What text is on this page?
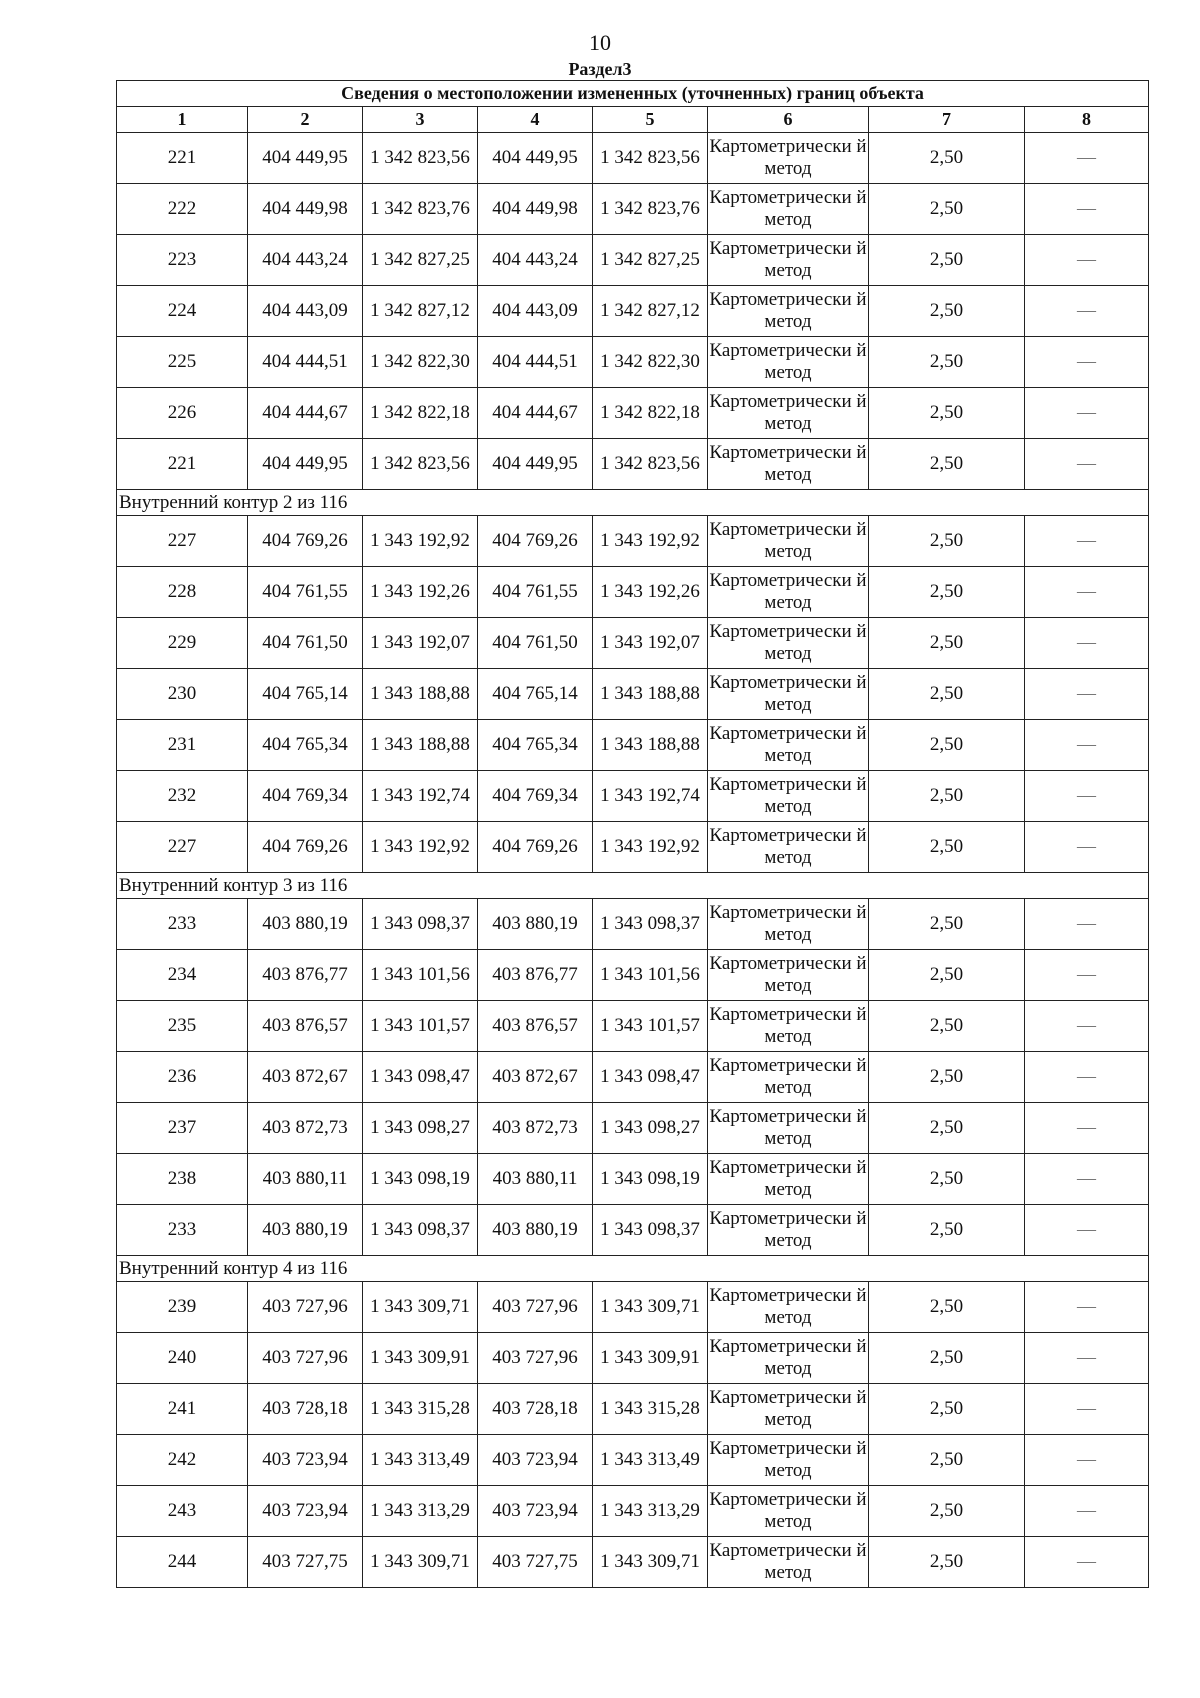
10
Раздел3
Сведения о местоположении измененных (уточненных) границ объекта							
1	2	3	4	5	6	7	8
221	404 449,95	1 342 823,56	404 449,95	1 342 823,56	Картометрически й метод	2,50	—
222	404 449,98	1 342 823,76	404 449,98	1 342 823,76	Картометрически й метод	2,50	—
223	404 443,24	1 342 827,25	404 443,24	1 342 827,25	Картометрически й метод	2,50	—
224	404 443,09	1 342 827,12	404 443,09	1 342 827,12	Картометрически й метод	2,50	—
225	404 444,51	1 342 822,30	404 444,51	1 342 822,30	Картометрически й метод	2,50	—
226	404 444,67	1 342 822,18	404 444,67	1 342 822,18	Картометрически й метод	2,50	—
221	404 449,95	1 342 823,56	404 449,95	1 342 823,56	Картометрически й метод	2,50	—
Внутренний контур 2 из 116							
227	404 769,26	1 343 192,92	404 769,26	1 343 192,92	Картометрически й метод	2,50	—
228	404 761,55	1 343 192,26	404 761,55	1 343 192,26	Картометрически й метод	2,50	—
229	404 761,50	1 343 192,07	404 761,50	1 343 192,07	Картометрически й метод	2,50	—
230	404 765,14	1 343 188,88	404 765,14	1 343 188,88	Картометрически й метод	2,50	—
231	404 765,34	1 343 188,88	404 765,34	1 343 188,88	Картометрически й метод	2,50	—
232	404 769,34	1 343 192,74	404 769,34	1 343 192,74	Картометрически й метод	2,50	—
227	404 769,26	1 343 192,92	404 769,26	1 343 192,92	Картометрически й метод	2,50	—
Внутренний контур 3 из 116							
233	403 880,19	1 343 098,37	403 880,19	1 343 098,37	Картометрически й метод	2,50	—
234	403 876,77	1 343 101,56	403 876,77	1 343 101,56	Картометрически й метод	2,50	—
235	403 876,57	1 343 101,57	403 876,57	1 343 101,57	Картометрически й метод	2,50	—
236	403 872,67	1 343 098,47	403 872,67	1 343 098,47	Картометрически й метод	2,50	—
237	403 872,73	1 343 098,27	403 872,73	1 343 098,27	Картометрически й метод	2,50	—
238	403 880,11	1 343 098,19	403 880,11	1 343 098,19	Картометрически й метод	2,50	—
233	403 880,19	1 343 098,37	403 880,19	1 343 098,37	Картометрически й метод	2,50	—
Внутренний контур 4 из 116							
239	403 727,96	1 343 309,71	403 727,96	1 343 309,71	Картометрически й метод	2,50	—
240	403 727,96	1 343 309,91	403 727,96	1 343 309,91	Картометрически й метод	2,50	—
241	403 728,18	1 343 315,28	403 728,18	1 343 315,28	Картометрически й метод	2,50	—
242	403 723,94	1 343 313,49	403 723,94	1 343 313,49	Картометрически й метод	2,50	—
243	403 723,94	1 343 313,29	403 723,94	1 343 313,29	Картометрически й метод	2,50	—
244	403 727,75	1 343 309,71	403 727,75	1 343 309,71	Картометрически й метод	2,50	—
